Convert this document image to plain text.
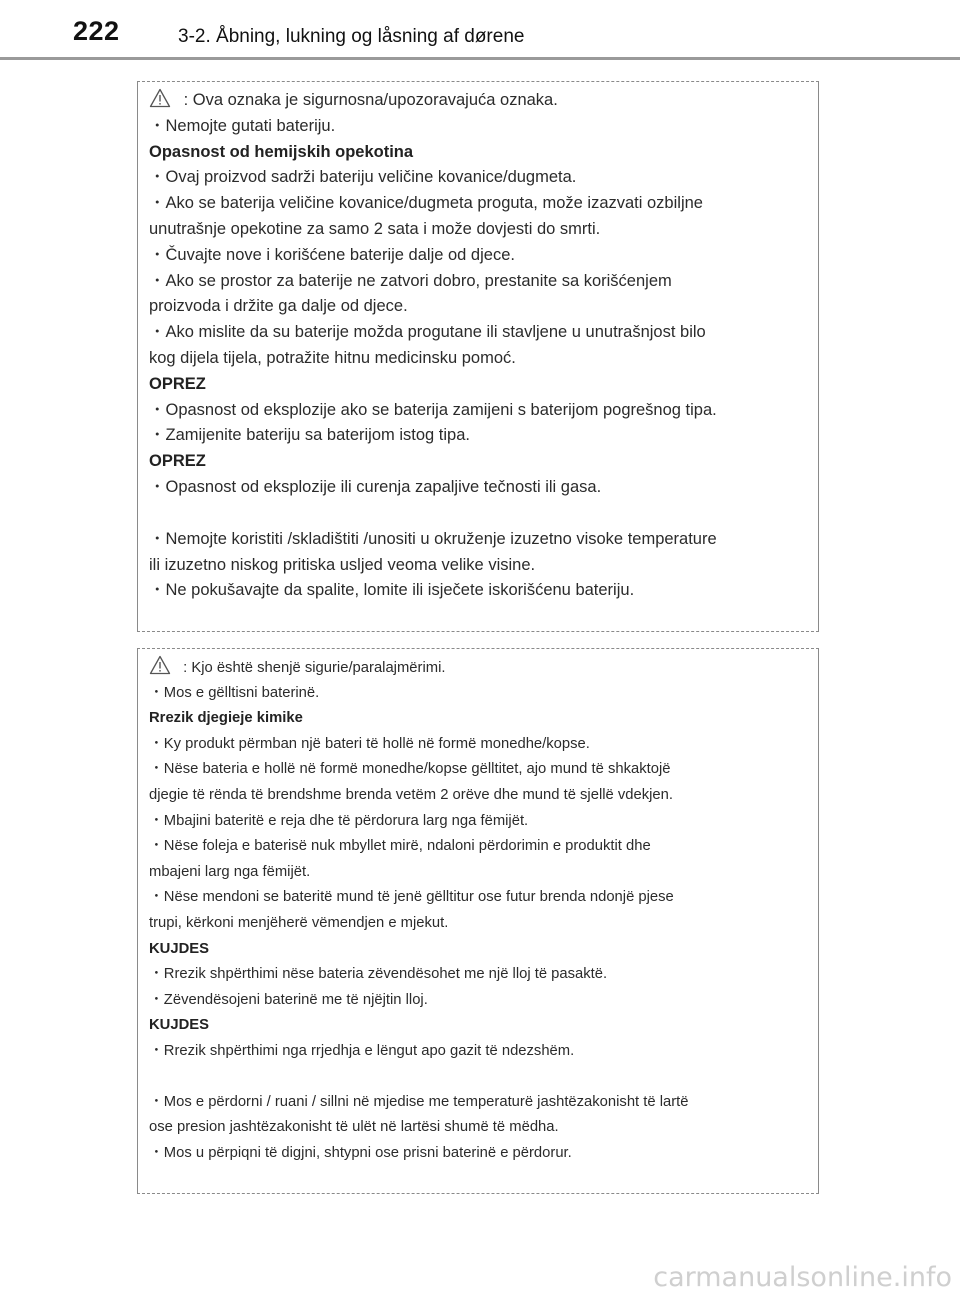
222	3-2. Åbning, lukning og låsning af dørene

: Ova oznaka je sigurnosna/upozoravajuća oznaka.

・Nemojte gutati bateriju.

Opasnost od hemijskih opekotina

・Ovaj proizvod sadrži bateriju veličine kovanice/dugmeta.

・Ako se baterija veličine kovanice/dugmeta proguta, može izazvati ozbiljne

unutrašnje opekotine za samo 2 sata i može dovjesti do smrti.

・Čuvajte nove i korišćene baterije dalje od djece.

・Ako se prostor za baterije ne zatvori dobro, prestanite sa korišćenjem

proizvoda i držite ga dalje od djece.

・Ako mislite da su baterije možda progutane ili stavljene u unutrašnjost bilo

kog dijela tijela, potražite hitnu medicinsku pomoć.

OPREZ

・Opasnost od eksplozije ako se baterija zamijeni s baterijom pogrešnog tipa.

・Zamijenite bateriju sa baterijom istog tipa.

OPREZ

・Opasnost od eksplozije ili curenja zapaljive tečnosti ili gasa.

・Nemojte koristiti /skladištiti /unositi u okruženje izuzetno visoke temperature

ili izuzetno niskog pritiska usljed veoma velike visine.

・Ne pokušavajte da spalite, lomite ili isječete iskorišćenu bateriju.

: Kjo është shenjë sigurie/paralajmërimi.

・Mos e gëlltisni baterinë.

Rrezik djegieje kimike

・Ky produkt përmban një bateri të hollë në formë monedhe/kopse.

・Nëse bateria e hollë në formë monedhe/kopse gëlltitet, ajo mund të shkaktojë

djegie të rënda të brendshme brenda vetëm 2 orëve dhe mund të sjellë vdekjen.

・Mbajini bateritë e reja dhe të përdorura larg nga fëmijët.

・Nëse foleja e baterisë nuk mbyllet mirë, ndaloni përdorimin e produktit dhe

mbajeni larg nga fëmijët.

・Nëse mendoni se bateritë mund të jenë gëlltitur ose futur brenda ndonjë pjese

trupi, kërkoni menjëherë vëmendjen e mjekut.

KUJDES

・Rrezik shpërthimi nëse bateria zëvendësohet me një lloj të pasaktë.

・Zëvendësojeni baterinë me të njëjtin lloj.

KUJDES

・Rrezik shpërthimi nga rrjedhja e lëngut apo gazit të ndezshëm.

・Mos e përdorni / ruani / sillni në mjedise me temperaturë jashtëzakonisht të lartë

ose presion jashtëzakonisht të ulët në lartësi shumë të mëdha.

・Mos u përpiqni të digjni, shtypni ose prisni baterinë e përdorur.

carmanualsonline.info
